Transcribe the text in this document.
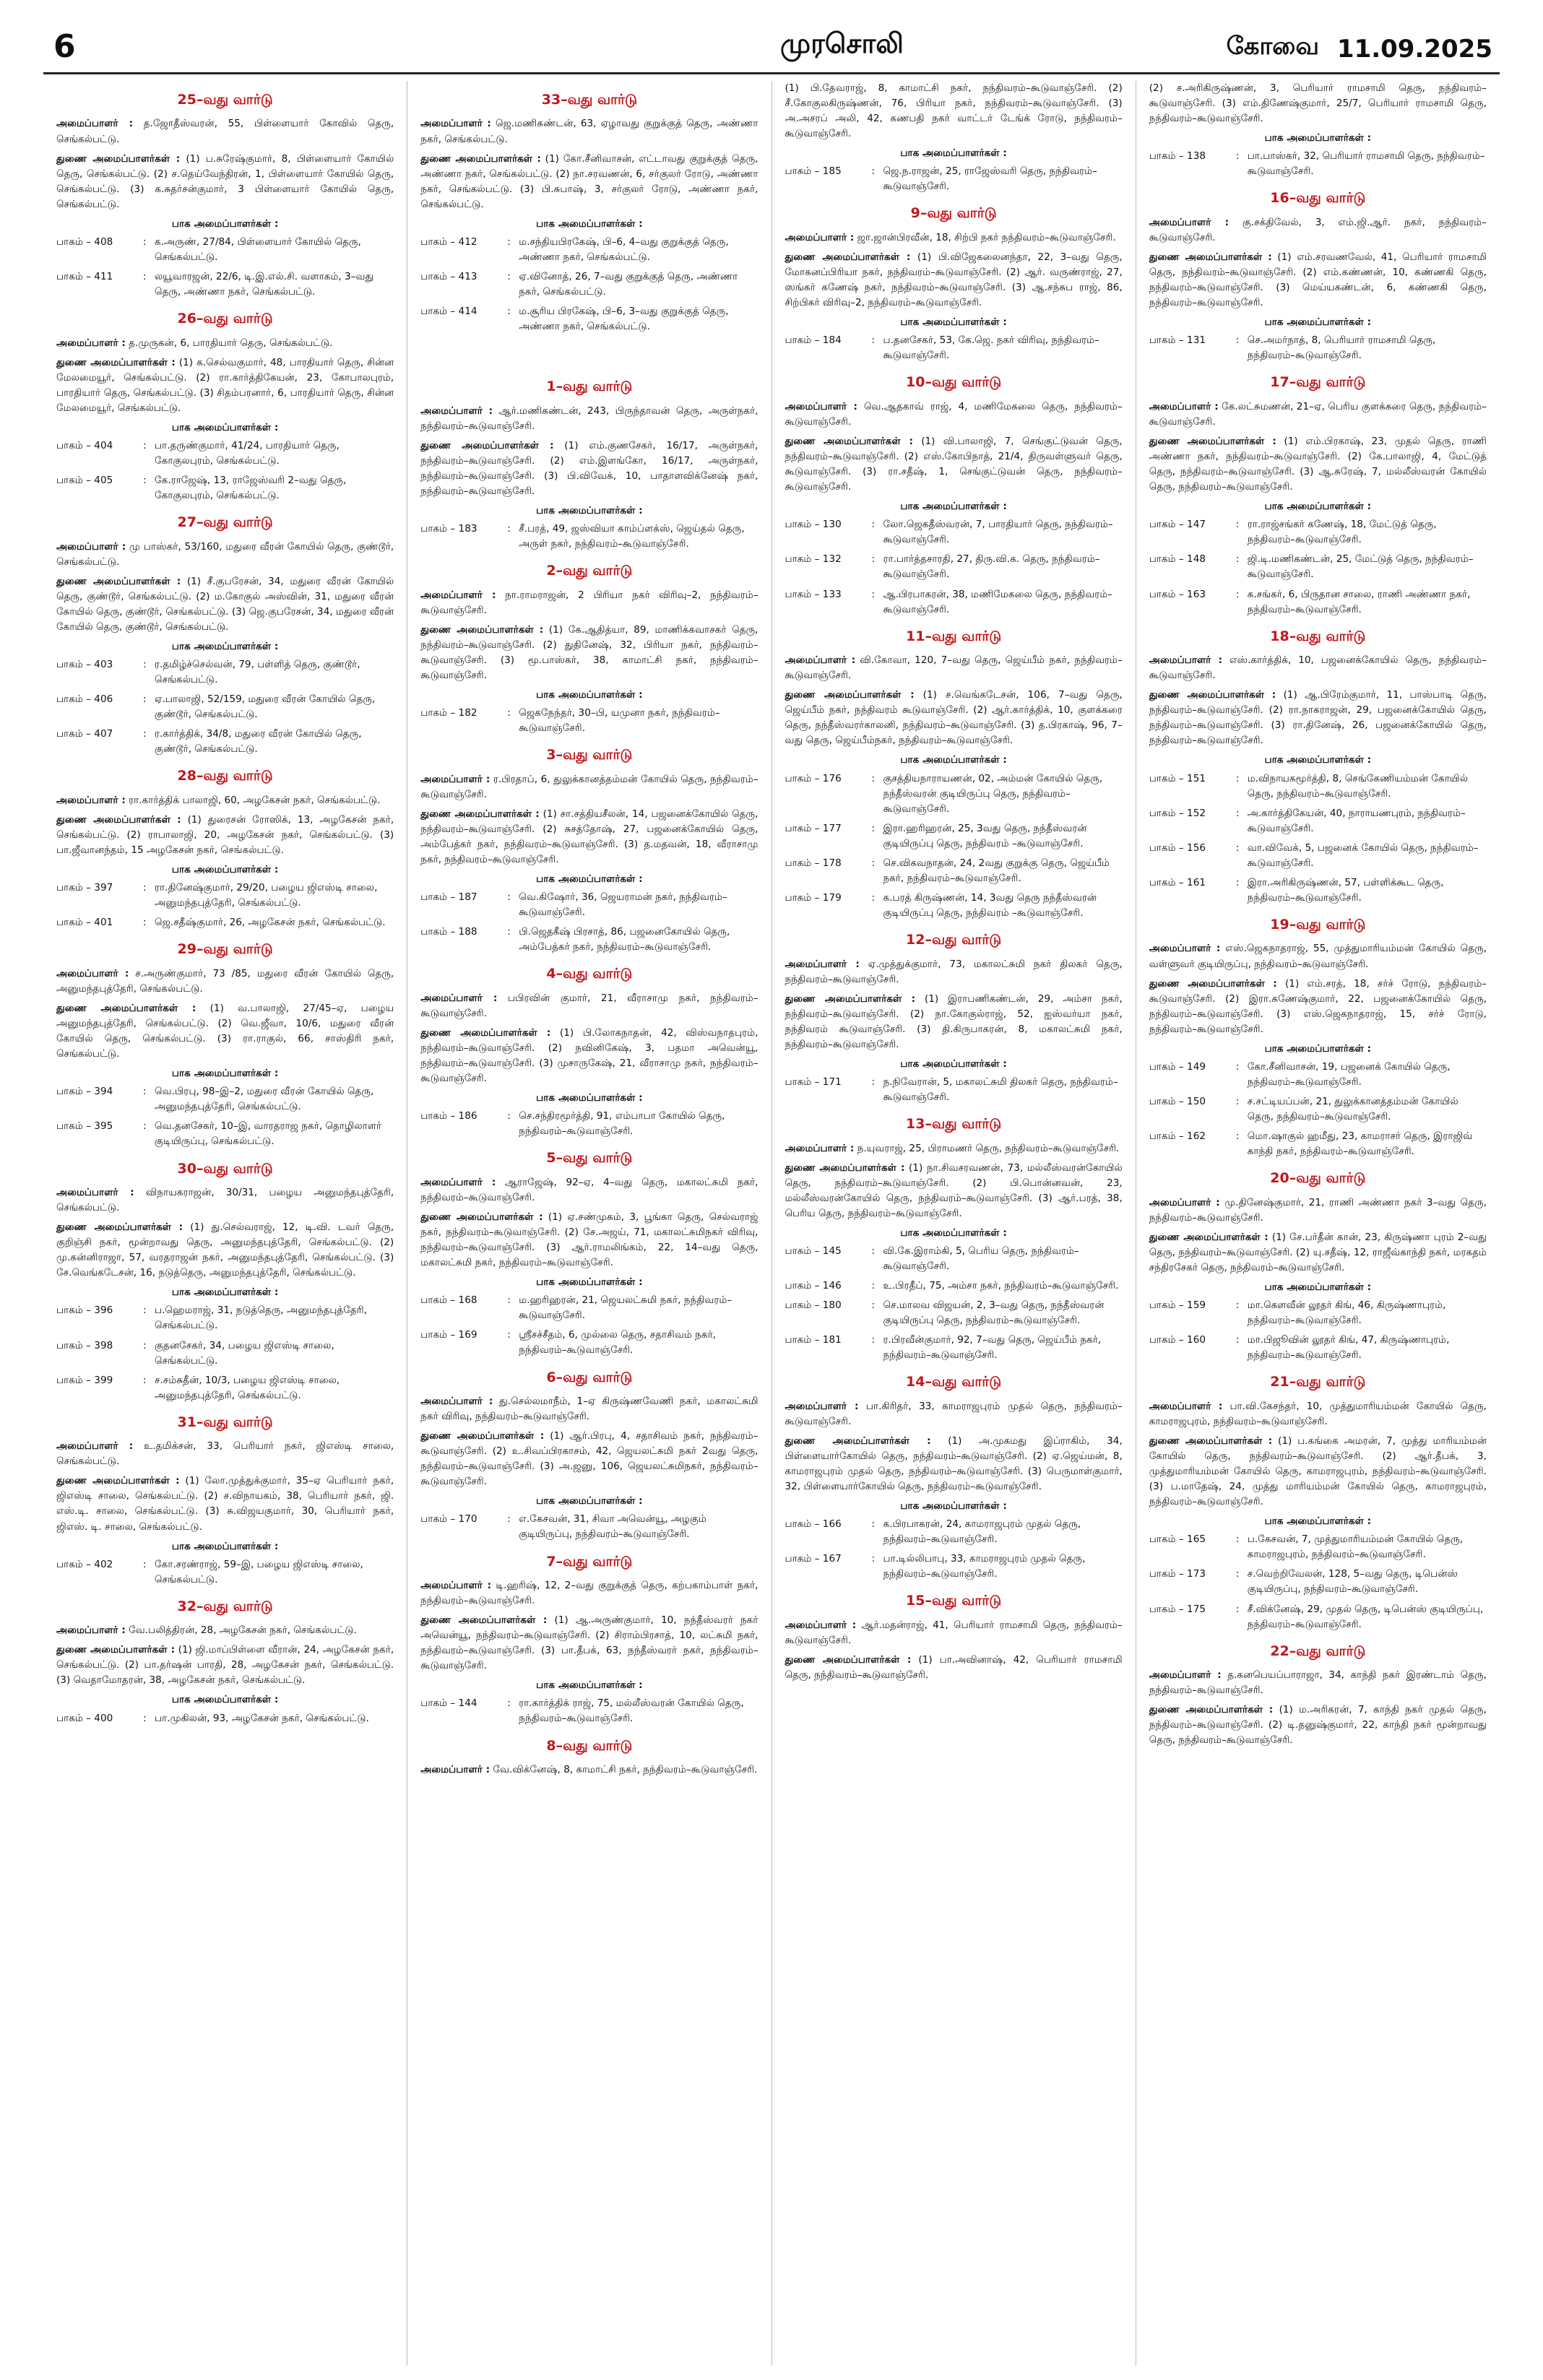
6	முரசொலி	கோவை 11.09.2025
25–வது வார்டு

அமைப்பாளர் : த.ஜோதீஸ்வரன், 55, பிள்ளையார் கோவில் தெரு, செங்கல்பட்டு.

துணை அமைப்பாளர்கள் : (1) ப.சுரேஷ்குமார், 8, பிள்ளையார் கோயில் தெரு, செங்கல்பட்டு. (2) ச.தெய்வேந்திரன், 1, பிள்ளையார் கோயில் தெரு, செங்கல்பட்டு. (3) க.சுதர்சன்குமார், 3 பிள்ளையார் கோயில் தெரு, செங்கல்பட்டு.

பாக அமைப்பாளர்கள் :
பாகம் – 408	: க.அருண், 27/84, பிள்ளையார் கோயில் தெரு, செங்கல்பட்டு.
பாகம் – 411	: லயூவாரஜன், 22/6, டி.இ.எல்.சி. வளாகம், 3–வது தெரு, அண்ணா நகர், செங்கல்பட்டு.
26–வது வார்டு

அமைப்பாளர் : த.முருகன், 6, பாரதியார் தெரு, செங்கல்பட்டு.

துணை அமைப்பாளர்கள் : (1) க.செல்வகுமார், 48, பாரதியார் தெரு, சின்ன மேலமையூர், செங்கல்பட்டு. (2) ரா.கார்த்திகேயன், 23, கோபாலபுரம், பாரதியார் தெரு, செங்கல்பட்டு. (3) சிதம்பரனார், 6, பாரதியார் தெரு, சின்ன மேலமையூர், செங்கல்பட்டு.

பாக அமைப்பாளர்கள் :
பாகம் – 404	: பா.தருண்குமார், 41/24, பாரதியார் தெரு, கோகுலபுரம், செங்கல்பட்டு.
பாகம் – 405	: கே.ராஜேஷ், 13, ராஜேஸ்வரி 2–வது தெரு, கோகுலபுரம், செங்கல்பட்டு.
27–வது வார்டு

அமைப்பாளர் : மு பாஸ்கர், 53/160, மதுரை வீரன் கோயில் தெரு, குண்டூர், செங்கல்பட்டு.

துணை அமைப்பாளர்கள் : (1) சீ.குபரேசன், 34, மதுரை வீரன் கோயில் தெரு, குண்டூர், செங்கல்பட்டு. (2) ம.கோகுல் அஸ்வின், 31, மதுரை வீரன் கோயில் தெரு, குண்டூர், செங்கல்பட்டு. (3) ஜெ.குபரேசன், 34, மதுரை வீரன் கோயில் தெரு, குண்டூர், செங்கல்பட்டு.

பாக அமைப்பாளர்கள் :
பாகம் – 403	: ர.தமிழ்ச்செல்வன், 79, பள்ளித் தெரு, குண்டூர், செங்கல்பட்டு.
பாகம் – 406	: ஏ.பாலாஜி, 52/159, மதுரை வீரன் கோயில் தெரு, குண்டூர், செங்கல்பட்டு.
பாகம் – 407	: ர.கார்த்திக், 34/8, மதுரை வீரன் கோயில் தெரு, குண்டூர், செங்கல்பட்டு.
28–வது வார்டு

அமைப்பாளர் : ரா.கார்த்திக் பாலாஜி, 60, அழகேசன் நகர், செங்கல்பட்டு.

துணை அமைப்பாளர்கள் : (1) துரைசன் ரோஸிக், 13, அழகேசன் நகர், செங்கல்பட்டு. (2) ராபாலாஜி, 20, அழகேசன் நகர், செங்கல்பட்டு. (3) பா.ஜீவானந்தம், 15 அழகேசன் நகர், செங்கல்பட்டு.

பாக அமைப்பாளர்கள் :
பாகம் – 397	: ரா.தினேஷ்குமார், 29/20, பழைய ஜிஎஸ்டி சாலை, அனுமந்தபுத்தேரி, செங்கல்பட்டு.
பாகம் – 401	: ஜெ.சதீஷ்குமார், 26, அழகேசன் நகர், செங்கல்பட்டு.
29–வது வார்டு

அமைப்பாளர் : ச.அருண்குமார், 73 /85, மதுரை வீரன் கோயில் தெரு, அனுமந்தபுத்தேரி, செங்கல்பட்டு.

துணை அமைப்பாளர்கள் : (1) வ.பாலாஜி, 27/45–ஏ, பழைய அனுமந்தபுத்தேரி, செங்கல்பட்டு. (2) வெ.ஜீவா, 10/6, மதுரை வீரன் கோயில் தெரு, செங்கல்பட்டு. (3) ரா.ராகுல், 66, சாஸ்திரி நகர், செங்கல்பட்டு.

பாக அமைப்பாளர்கள் :
பாகம் – 394	: வெ.பிரபு, 98–இ–2, மதுரை வீரன் கோயில் தெரு, அனுமந்தபுத்தேரி, செங்கல்பட்டு.
பாகம் – 395	: வெ.தனசேகர், 10–இ, வாரதராஜ நகர், தொழிலாளர் குடியிருப்பு, செங்கல்பட்டு.
30–வது வார்டு

அமைப்பாளர் : விநாயகராஜன், 30/31, பழைய அனுமந்தபுத்தேரி, செங்கல்பட்டு.

துணை அமைப்பாளர்கள் : (1) து.செல்வராஜ், 12, டி.வி. டவர் தெரு, குறிஞ்சி நகர், மூன்றாவது தெரு, அனுமந்தபுத்தேரி, செங்கல்பட்டு. (2) மு.கன்னிராஜா, 57, வரதராஜன் நகர், அனுமந்தபுத்தேரி, செங்கல்பட்டு. (3) சே.வெங்கடேசன், 16, நடுத்தெரு, அனுமந்தபுத்தேரி, செங்கல்பட்டு.

பாக அமைப்பாளர்கள் :
பாகம் – 396	: ப.ஹெமராஜ், 31, நடுத்தெரு, அனுமந்தபுத்தேரி, செங்கல்பட்டு.
பாகம் – 398	: குதனசேகர், 34, பழைய ஜிஎஸ்டி சாலை, செங்கல்பட்டு.
பாகம் – 399	: ச.சம்சுதீன், 10/3, பழைய ஜிஎஸ்டி சாலை, அனுமந்தபுத்தேரி, செங்கல்பட்டு.
31–வது வார்டு

அமைப்பாளர் : உ.தமிக்சன், 33, பெரியார் நகர், ஜிஎஸ்டி சாலை, செங்கல்பட்டு.

துணை அமைப்பாளர்கள் : (1) லோ.முத்துக்குமார், 35–ஏ பெரியார் நகர், ஜிஎஸ்டி சாலை, செங்கல்பட்டு. (2) ச.விநாயகம், 38, பெரியார் நகர், ஜி. எஸ்.டி. சாலை, செங்கல்பட்டு. (3) சு.விஜயகுமார், 30, பெரியார் நகர், ஜிஎஸ். டி. சாலை, செங்கல்பட்டு.

பாக அமைப்பாளர்கள் :
பாகம் – 402	: கோ.சரண்ராஜ், 59–இ, பழைய ஜிஎஸ்டி சாலை, செங்கல்பட்டு.
32–வது வார்டு

அமைப்பாளர் : வே.பலித்திரன், 28, அழகேசன் நகர், செங்கல்பட்டு.

துணை அமைப்பாளர்கள் : (1) ஜி.மாப்பிள்ளை வீரான், 24, அழகேசன் நகர், செங்கல்பட்டு. (2) பா.தர்ஷன் பாரதி, 28, அழகேசன் நகர், செங்கல்பட்டு. (3) வெதாமோதரன், 38, அழகேசன் நகர், செங்கல்பட்டு.

பாக அமைப்பாளர்கள் :
பாகம் – 400	: பா.முகிலன், 93, அழகேசன் நகர், செங்கல்பட்டு.
33–வது வார்டு

அமைப்பாளர் : ஜெ.மணிகண்டன், 63, ஏழாவது குறுக்குத் தெரு, அண்ணா நகர், செங்கல்பட்டு.

துணை அமைப்பாளர்கள் : (1) கோ.சீனிவாசன், எட்டாவது குறுக்குத் தெரு, அண்ணா நகர், செங்கல்பட்டு. (2) நா.சரவணன், 6, சர்குலர் ரோடு, அண்ணா நகர், செங்கல்பட்டு. (3) பி.சுபாஷ், 3, சர்குலர் ரோடு, அண்ணா நகர், செங்கல்பட்டு.

பாக அமைப்பாளர்கள் :
பாகம் – 412	: ம.சந்தியபிரகேஷ், பி–6, 4–வது குறுக்குத் தெரு, அண்ணா நகர், செங்கல்பட்டு.
பாகம் – 413	: ஏ.வினோத், 26, 7–வது குறுக்குத் தெரு, அண்ணா நகர், செங்கல்பட்டு.
பாகம் – 414	: ம.சூரிய பிரகேஷ், பி–6, 3–வது குறுக்குத் தெரு, அண்ணா நகர், செங்கல்பட்டு.
1–வது வார்டு

அமைப்பாளர் : ஆர்.மணிகண்டன், 243, பிருந்தாவன் தெரு, அருள்நகர், நந்திவரம்–கூடுவாஞ்சேரி.

துணை அமைப்பாளர்கள் : (1) எம்.குணசேகர், 16/17, அருள்நகர், நந்திவரம்–கூடுவாஞ்சேரி. (2) எம்.இளங்கோ, 16/17, அருள்நகர், நந்திவரம்–கூடுவாஞ்சேரி. (3) பி.விவேக், 10, பாதாளவிக்னேஷ் நகர், நந்திவரம்–கூடுவாஞ்சேரி.

பாக அமைப்பாளர்கள் :
பாகம் – 183	: சீ.பரத், 49, ஜஸ்வியா காம்ப்ளக்ஸ், ஜெய்தல் தெரு, அருள் நகர், நந்திவரம்–கூடுவாஞ்சேரி.
2–வது வார்டு

அமைப்பாளர் : நா.ராமராஜன், 2 பிரியா நகர் விரிவு–2, நந்திவரம்–கூடுவாஞ்சேரி.

துணை அமைப்பாளர்கள் : (1) கே.ஆதித்யா, 89, மாணிக்கவாசகர் தெரு, நந்திவரம்–கூடுவாஞ்சேரி. (2) துதினேஷ், 32, பிரியா நகர், நந்திவரம்–கூடுவாஞ்சேரி. (3) மூ.பாஸ்கர், 38, காமாட்சி நகர், நந்திவரம்–கூடுவாஞ்சேரி.

பாக அமைப்பாளர்கள் :
பாகம் – 182	: ஜெகநேந்தர், 30–பி, யமுனா நகர், நந்திவரம்–கூடுவாஞ்சேரி.
3–வது வார்டு

அமைப்பாளர் : ர.பிரதாப், 6, துலுக்கானத்தம்மன் கோயில் தெரு, நந்திவரம்–கூடுவாஞ்சேரி.

துணை அமைப்பாளர்கள் : (1) சா.சத்தியசீலன், 14, பஜனைக்கோயில் தெரு, நந்திவரம்–கூடுவாஞ்சேரி. (2) சுசத்தோஷ், 27, பஜனைக்கோயில் தெரு, அம்பேத்கர் நகர், நந்திவரம்–கூடுவாஞ்சேரி. (3) த.மதவன், 18, வீராசாமு நகர், நந்திவரம்–கூடுவாஞ்சேரி.

பாக அமைப்பாளர்கள் :
பாகம் – 187	: வெ.கிஷோர், 36, ஜெயராமன் நகர், நந்திவரம்–கூடுவாஞ்சேரி.
பாகம் – 188	: பி.ஜெதகீஷ் பிரசாத், 86, பஜனைகோயில் தெரு, அம்பேத்கர் நகர், நந்திவரம்–கூடுவாஞ்சேரி.
4–வது வார்டு

அமைப்பாளர் : பபிரவின் குமார், 21, வீராசாமு நகர், நந்திவரம்–கூடுவாஞ்சேரி.

துணை அமைப்பாளர்கள் : (1) பி.லோகநாதன், 42, விஸ்வநாதபுரம், நந்திவரம்–கூடுவாஞ்சேரி. (2) நவினிகேஷ், 3, பதமா அவென்யூ, நந்திவரம்–கூடுவாஞ்சேரி. (3) முசாருகேஷ், 21, வீராசாமு நகர், நந்திவரம்–கூடுவாஞ்சேரி.

பாக அமைப்பாளர்கள் :
பாகம் – 186	: செ.சந்திரமூர்த்தி, 91, எம்பாபா கோயில் தெரு, நந்திவரம்–கூடுவாஞ்சேரி.
5–வது வார்டு

அமைப்பாளர் : ஆராஜேஷ், 92–ஏ, 4–வது தெரு, மகாலட்சுமி நகர், நந்திவரம்–கூடுவாஞ்சேரி.

துணை அமைப்பாளர்கள் : (1) ஏ.சண்முகம், 3, பூங்கா தெரு, செல்வராஜ் நகர், நந்திவரம்–கூடுவாஞ்சேரி. (2) சே.அஜய், 71, மகாலட்சுமிநகர் விரிவு, நந்திவரம்–கூடுவாஞ்சேரி. (3) ஆர்.ராமலிங்கம், 22, 14–வது தெரு, மகாலட்சுமி நகர், நந்திவரம்–கூடுவாஞ்சேரி.

பாக அமைப்பாளர்கள் :
பாகம் – 168	: ம.ஹரிஹரன், 21, ஜெயலட்சுமி நகர், நந்திவரம்–கூடுவாஞ்சேரி.
பாகம் – 169	: ஸ்ரீசச்சீதம், 6, முல்லை தெரு, சதாசிவம் நகர், நந்திவரம்–கூடுவாஞ்சேரி.
6–வது வார்டு

அமைப்பாளர் : து.செல்லமாநீம், 1–ஏ கிருஷ்ணவேணி நகர், மகாலட்சுமி நகர் விரிவு, நந்திவரம்–கூடுவாஞ்சேரி.

துணை அமைப்பாளர்கள் : (1) ஆர்.பிரபு, 4, சதாசிவம் நகர், நந்திவரம்–கூடுவாஞ்சேரி. (2) உ.சிவப்பிரகாசம், 42, ஜெயலட்சுமி நகர் 2வது தெரு, நந்திவரம்–கூடுவாஞ்சேரி. (3) அ.ஜனு, 106, ஜெயலட்சுமிநகர், நந்திவரம்–கூடுவாஞ்சேரி.

பாக அமைப்பாளர்கள் :
பாகம் – 170	: எ.கேசவன், 31, சிவா அவென்யூ, அழகும் குடியிருப்பு, நந்திவரம்–கூடுவாஞ்சேரி.
7–வது வார்டு

அமைப்பாளர் : டி.ஹரிஷ், 12, 2–வது குறுக்குத் தெரு, கற்பகாம்பாள் நகர், நந்திவரம்–கூடுவாஞ்சேரி.

துணை அமைப்பாளர்கள் : (1) ஆ.அருண்குமார், 10, நந்தீஸ்வரர் நகர் அவென்யூ, நந்திவரம்–கூடுவாஞ்சேரி. (2) சிராம்பிரசாத், 10, லட்சுமி நகர், நந்திவரம்–கூடுவாஞ்சேரி. (3) பா.தீபக், 63, நந்தீஸ்வரர் நகர், நந்திவரம்–கூடுவாஞ்சேரி.

பாக அமைப்பாளர்கள் :
பாகம் – 144	: ரா.கார்த்திக் ராஜ், 75, மல்லீஸ்வரன் கோயில் தெரு, நந்திவரம்–கூடுவாஞ்சேரி.
8–வது வார்டு

அமைப்பாளர் : வே.விக்னேஷ், 8, காமாட்சி நகர், நந்திவரம்–கூடுவாஞ்சேரி.

(1) பி.தேவராஜ், 8, காமாட்சி நகர், நந்திவரம்–கூடுவாஞ்சேரி. (2) சீ.கோகுலகிருஷ்ணன், 76, பிரியா நகர், நந்திவரம்–கூடுவாஞ்சேரி. (3) அ.அசரப் அலி, 42, கணபதி நகர் வாட்டர் டேங்க் ரோடு, நந்திவரம்–கூடுவாஞ்சேரி.

பாக அமைப்பாளர்கள் :
பாகம் – 185	: ஜெ.ந.ராஜன், 25, ராஜேஸ்வரி தெரு, நந்திவரம்–கூடுவாஞ்சேரி.
9–வது வார்டு

அமைப்பாளர் : ஜா.ஜான்பிரவீன், 18, சிற்பி நகர் நந்திவரம்–கூடுவாஞ்சேரி.

துணை அமைப்பாளர்கள் : (1) பி.விஜேகலைனந்தா, 22, 3–வது தெரு, மோகனப்பிரியா நகர், நந்திவரம்–கூடுவாஞ்சேரி. (2) ஆர். வருண்ராஜ், 27, ஸங்கர் கணேஷ் நகர், நந்திவரம்–கூடுவாஞ்சேரி. (3) ஆ.சந்சுப ராஜ், 86, சிற்பிகர் விரிவு–2, நந்திவரம்–கூடுவாஞ்சேரி.

பாக அமைப்பாளர்கள் :
பாகம் – 184	: ப.தனசேகர், 53, கே.ஜெ. நகர் விரிவு, நந்திவரம்–கூடுவாஞ்சேரி.
10–வது வார்டு

அமைப்பாளர் : வெ.ஆதகாவ் ராஜ், 4, மணிமேகலை தெரு, நந்திவரம்–கூடுவாஞ்சேரி.

துணை அமைப்பாளர்கள் : (1) வி.பாலாஜி, 7, செங்குட்டுவன் தெரு, நந்திவரம்–கூடுவாஞ்சேரி. (2) எஸ்.கோபிநாத், 21/4, திருவள்ளுவர் தெரு, கூடுவாஞ்சேரி. (3) ரா.சதீஷ், 1, செங்குட்டுவன் தெரு, நந்திவரம்–கூடுவாஞ்சேரி.

பாக அமைப்பாளர்கள் :
பாகம் – 130	: லோ.ஜெகதீஸ்வரன், 7, பாரதியார் தெரு, நந்திவரம்–கூடுவாஞ்சேரி.
பாகம் – 132	: ரா.பார்த்தசாரதி, 27, திரு.வி.க. தெரு, நந்திவரம்–கூடுவாஞ்சேரி.
பாகம் – 133	: ஆ.பிரபாகரன், 38, மணிமேகலை தெரு, நந்திவரம்–கூடுவாஞ்சேரி.
11–வது வார்டு

அமைப்பாளர் : வி.கோவா, 120, 7–வது தெரு, ஜெய்பீம் நகர், நந்திவரம்–கூடுவாஞ்சேரி.

துணை அமைப்பாளர்கள் : (1) ச.வெங்கடேசன், 106, 7–வது தெரு, ஜெய்பீம் நகர், நந்திவரம் கூடுவாஞ்சேரி. (2) ஆர்.கார்த்திக், 10, குளக்கரை தெரு, நந்தீஸ்வரர்காலனி, நந்திவரம்–கூடுவாஞ்சேரி. (3) த.பிரகாஷ், 96, 7–வது தெரு, ஜெய்பீம்நகர், நந்திவரம்–கூடுவாஞ்சேரி.

பாக அமைப்பாளர்கள் :
பாகம் – 176	: குசத்தியநாராயணன், 02, அம்மன் கோயில் தெரு, நந்தீஸ்வரன் குடியிருப்பு தெரு, நந்திவரம்–கூடுவாஞ்சேரி.
பாகம் – 177	: இரா.ஹரிஹரன், 25, 3வது தெரு, நந்தீஸ்வரன் குடியிருப்பு தெரு, நந்திவரம் –கூடுவாஞ்சேரி.
பாகம் – 178	: செ.விகவநாதன், 24, 2வது குறுக்கு தெரு, ஜெய்பீம் நகர், நந்திவரம்–கூடுவாஞ்சேரி.
பாகம் – 179	: க.பரத் கிருஷ்ணன், 14, 3வது தெரு நந்தீஸ்வரன் குடியிருப்பு தெரு, நந்திவரம் –கூடுவாஞ்சேரி.
12–வது வார்டு

அமைப்பாளர் : ஏ.முத்துக்குமார், 73, மகாலட்சுமி நகர் திலகர் தெரு, நந்திவரம்–கூடுவாஞ்சேரி.

துணை அமைப்பாளர்கள் : (1) இராபணிகண்டன், 29, அம்சா நகர், நந்திவரம்–கூடுவாஞ்சேரி. (2) நா.கோகுல்ராஜ், 52, ஐஸ்வர்யா நகர், நந்திவரம் கூடுவாஞ்சேரி. (3) தி.கிருபாகரன், 8, மகாலட்சுமி நகர், நந்திவரம்–கூடுவாஞ்சேரி.

பாக அமைப்பாளர்கள் :
பாகம் – 171	: ந.நிவேரான், 5, மகாலட்சுமி திலகர் தெரு, நந்திவரம்–கூடுவாஞ்சேரி.
13–வது வார்டு

அமைப்பாளர் : ந.யுவராஜ், 25, பிராமணர் தெரு, நந்திவரம்–கூடுவாஞ்சேரி.

துணை அமைப்பாளர்கள் : (1) நா.சிவசரவணன், 73, மல்லீஸ்வரன்கோயில் தெரு, நந்திவரம்–கூடுவாஞ்சேரி. (2) பி.பொன்னவன், 23, மல்லீஸ்வரன்கோயில் தெரு, நந்திவரம்–கூடுவாஞ்சேரி. (3) ஆர்.பரத், 38, பெரிய தெரு, நந்திவரம்–கூடுவாஞ்சேரி.

பாக அமைப்பாளர்கள் :
பாகம் – 145	: வி.கே.இராம்கி, 5, பெரிய தெரு, நந்திவரம்–கூடுவாஞ்சேரி.
பாகம் – 146	: உ.பிரதீப், 75, அம்சா நகர், நந்திவரம்–கூடுவாஞ்சேரி.
பாகம் – 180	: செ.மாலவ விஜயன், 2, 3–வது தெரு, நந்தீஸ்வரன் குடியிருப்பு தெரு, நந்திவரம்–கூடுவாஞ்சேரி.
பாகம் – 181	: ர.பிரவீன்குமார், 92, 7–வது தெரு, ஜெய்பீம் நகர், நந்திவரம்–கூடுவாஞ்சேரி.
14–வது வார்டு

அமைப்பாளர் : பா.கிரிதர், 33, காமராஜபுரம் முதல் தெரு, நந்திவரம்–கூடுவாஞ்சேரி.

துணை அமைப்பாளர்கள் : (1) அ.முகமது இப்ராகிம், 34, பிள்ளையார்கோயில் தெரு, நந்திவரம்–கூடுவாஞ்சேரி. (2) ஏ.ஜெய்மன், 8, காமராஜபுரம் முதல் தெரு, நந்திவரம்–கூடுவாஞ்சேரி. (3) பெருமாள்குமார், 32, பிள்ளையார்கோயில் தெரு, நந்திவரம்–கூடுவாஞ்சேரி.

பாக அமைப்பாளர்கள் :
பாகம் – 166	: க.பிரபாகரன், 24, காமராஜபுரம் முதல் தெரு, நந்திவரம்–கூடுவாஞ்சேரி.
பாகம் – 167	: பா.டில்லிபாபு, 33, காமராஜபுரம் முதல் தெரு, நந்திவரம்–கூடுவாஞ்சேரி.
15–வது வார்டு

அமைப்பாளர் : ஆர்.மதன்ராஜ், 41, பெரியார் ராமசாமி தெரு, நந்திவரம்–கூடுவாஞ்சேரி.

துணை அமைப்பாளர்கள் : (1) பா.அவினாஷ், 42, பெரியார் ராமசாமி தெரு, நந்திவரம்–கூடுவாஞ்சேரி.

(2) ச.அரிகிருஷ்ணன், 3, பெரியார் ராமசாமி தெரு, நந்திவரம்–கூடுவாஞ்சேரி. (3) எம்.திணேஷ்குமார், 25/7, பெரியார் ராமசாமி தெரு, நந்திவரம்–கூடுவாஞ்சேரி.

பாக அமைப்பாளர்கள் :
பாகம் – 138	: பா.பாஸ்கர், 32, பெரியார் ராமசாமி தெரு, நந்திவரம்–கூடுவாஞ்சேரி.
16–வது வார்டு

அமைப்பாளர் : கு.சக்திவேல், 3, எம்.ஜி.ஆர். நகர், நந்திவரம்–கூடுவாஞ்சேரி.

துணை அமைப்பாளர்கள் : (1) எம்.சரவணவேல், 41, பெரியார் ராமசாமி தெரு, நந்திவரம்–கூடுவாஞ்சேரி. (2) எம்.கண்ணன், 10, கண்ணகி தெரு, நந்திவரம்–கூடுவாஞ்சேரி. (3) மெய்யகண்டன், 6, கண்ணகி தெரு, நந்திவரம்–கூடுவாஞ்சேரி.

பாக அமைப்பாளர்கள் :
பாகம் – 131	: செ.அமர்நாத், 8, பெரியார் ராமசாமி தெரு, நந்திவரம்–கூடுவாஞ்சேரி.
17–வது வார்டு

அமைப்பாளர் : கே.லட்சுமணன், 21–ஏ, பெரிய குளக்கரை தெரு, நந்திவரம்–கூடுவாஞ்சேரி.

துணை அமைப்பாளர்கள் : (1) எம்.பிரகாஷ், 23, முதல் தெரு, ராணி அண்ணா நகர், நந்திவரம்–கூடுவாஞ்சேரி. (2) கே.பாலாஜி, 4, மேட்டுத் தெரு, நந்திவரம்–கூடுவாஞ்சேரி. (3) ஆ.சுரேஷ், 7, மல்லீஸ்வரன் கோயில் தெரு, நந்திவரம்–கூடுவாஞ்சேரி.

பாக அமைப்பாளர்கள் :
பாகம் – 147	: ரா.ராஜ்சங்கர் கணேஷ், 18, மேட்டுத் தெரு, நந்திவரம்–கூடுவாஞ்சேரி.
பாகம் – 148	: ஜி.டி.மணிகண்டன், 25, மேட்டுத் தெரு, நந்திவரம்–கூடுவாஞ்சேரி.
பாகம் – 163	: க.சங்கர், 6, பிருதான சாலை, ராணி அண்ணா நகர், நந்திவரம்–கூடுவாஞ்சேரி.
18–வது வார்டு

அமைப்பாளர் : எஸ்.கார்த்திக், 10, பஜனைக்கோயில் தெரு, நந்திவரம்–கூடுவாஞ்சேரி.

துணை அமைப்பாளர்கள் : (1) ஆ.பிரேம்குமார், 11, பாஸ்பாடி தெரு, நந்திவரம்–கூடுவாஞ்சேரி. (2) ரா.நாகராஜன், 29, பஜனைக்கோயில் தெரு, நந்திவரம்–கூடுவாஞ்சேரி. (3) ரா.தினேஷ், 26, பஜனைக்கோயில் தெரு, நந்திவரம்–கூடுவாஞ்சேரி.

பாக அமைப்பாளர்கள் :
பாகம் – 151	: ம.விநாயகமூர்த்தி, 8, செங்கேணியம்மன் கோயில் தெரு, நந்திவரம்–கூடுவாஞ்சேரி.
பாகம் – 152	: அ.கார்த்திகேயன், 40, நாராயணபுரம், நந்திவரம்–கூடுவாஞ்சேரி.
பாகம் – 156	: வா.விவேக், 5, பஜனைக் கோயில் தெரு, நந்திவரம்–கூடுவாஞ்சேரி.
பாகம் – 161	: இரா.அரிகிருஷ்ணன், 57, பள்ளிக்கூட தெரு, நந்திவரம்–கூடுவாஞ்சேரி.
19–வது வார்டு

அமைப்பாளர் : எஸ்.ஜெகநாதராஜ், 55, முத்துமாரியம்மன் கோயில் தெரு, வள்ளுவர் குடியிருப்பு, நந்திவரம்–கூடுவாஞ்சேரி.

துணை அமைப்பாளர்கள் : (1) எம்.சரத், 18, சர்ச் ரோடு, நந்திவரம்–கூடுவாஞ்சேரி. (2) இரா.கணேஷ்குமார், 22, பஜனைக்கோயில் தெரு, நந்திவரம்–கூடுவாஞ்சேரி. (3) எஸ்.ஜெகநாதராஜ், 15, சர்ச் ரோடு, நந்திவரம்–கூடுவாஞ்சேரி.

பாக அமைப்பாளர்கள் :
பாகம் – 149	: கோ.சீனிவாசன், 19, பஜனைக் கோயில் தெரு, நந்திவரம்–கூடுவாஞ்சேரி.
பாகம் – 150	: ச.சட்டியப்பன், 21, துலுக்கானத்தம்மன் கோயில் தெரு, நந்திவரம்–கூடுவாஞ்சேரி.
பாகம் – 162	: மொ.ஷாகுல் ஹமீது, 23, காமராசர் தெரு, இராஜிவ் காந்தி நகர், நந்திவரம்–கூடுவாஞ்சேரி.
20–வது வார்டு

அமைப்பாளர் : மு.தினேஷ்குமார், 21, ராணி அண்ணா நகர் 3–வது தெரு, நந்திவரம்–கூடுவாஞ்சேரி.

துணை அமைப்பாளர்கள் : (1) சே.பர்தீன் கான், 23, கிருஷ்ணா புரம் 2–வது தெரு, நந்திவரம்–கூடுவாஞ்சேரி. (2) யு.சதீஷ், 12, ராஜீவ்காந்தி நகர், மரகதம் சந்திரசேகர் தெரு, நந்திவரம்–கூடுவாஞ்சேரி.

பாக அமைப்பாளர்கள் :
பாகம் – 159	: மா.கெளவீன் லூதர் கிங், 46, கிருஷ்ணாபுரம், நந்திவரம்–கூடுவாஞ்சேரி.
பாகம் – 160	: மா.பிஜூவின் லூதர் கிங், 47, கிருஷ்ணாபுரம், நந்திவரம்–கூடுவாஞ்சேரி.
21–வது வார்டு

அமைப்பாளர் : பா.வி.கேசந்தர், 10, முத்துமாரியம்மன் கோயில் தெரு, காமராஜபுரம், நந்திவரம்–கூடுவாஞ்சேரி.

துணை அமைப்பாளர்கள் : (1) ப.கங்கை அமரன், 7, முத்து மாரியம்மன் கோயில் தெரு, நந்திவரம்–கூடுவாஞ்சேரி. (2) ஆர்.தீபக், 3, முத்துமாரியம்மன் கோயில் தெரு, காமராஜபுரம், நந்திவரம்–கூடுவாஞ்சேரி. (3) ப.மாதேஷ், 24, முத்து மாரியம்மன் கோயில் தெரு, காமராஜபுரம், நந்திவரம்–கூடுவாஞ்சேரி.

பாக அமைப்பாளர்கள் :
பாகம் – 165	: ப.கேசவன், 7, முத்துமாரியம்மன் கோயில் தெரு, காமராஜபுரம், நந்திவரம்–கூடுவாஞ்சேரி.
பாகம் – 173	: ச.வெற்றிவேலன், 128, 5–வது தெரு, டிபென்ஸ் குடியிருப்பு, நந்திவரம்–கூடுவாஞ்சேரி.
பாகம் – 175	: சீ.விக்னேஷ், 29, முதல் தெரு, டிபென்ஸ் குடியிருப்பு, நந்திவரம்–கூடுவாஞ்சேரி.
22–வது வார்டு

அமைப்பாளர் : த.கனபெயப்பாராஜா, 34, காந்தி நகர் இரண்டாம் தெரு, நந்திவரம்–கூடுவாஞ்சேரி.

துணை அமைப்பாளர்கள் : (1) ம.அரிகரன், 7, காந்தி நகர் முதல் தெரு, நந்திவரம்–கூடுவாஞ்சேரி. (2) டி.தனுஷ்குமார், 22, காந்தி நகர் மூன்றாவது தெரு, நந்திவரம்–கூடுவாஞ்சேரி.
